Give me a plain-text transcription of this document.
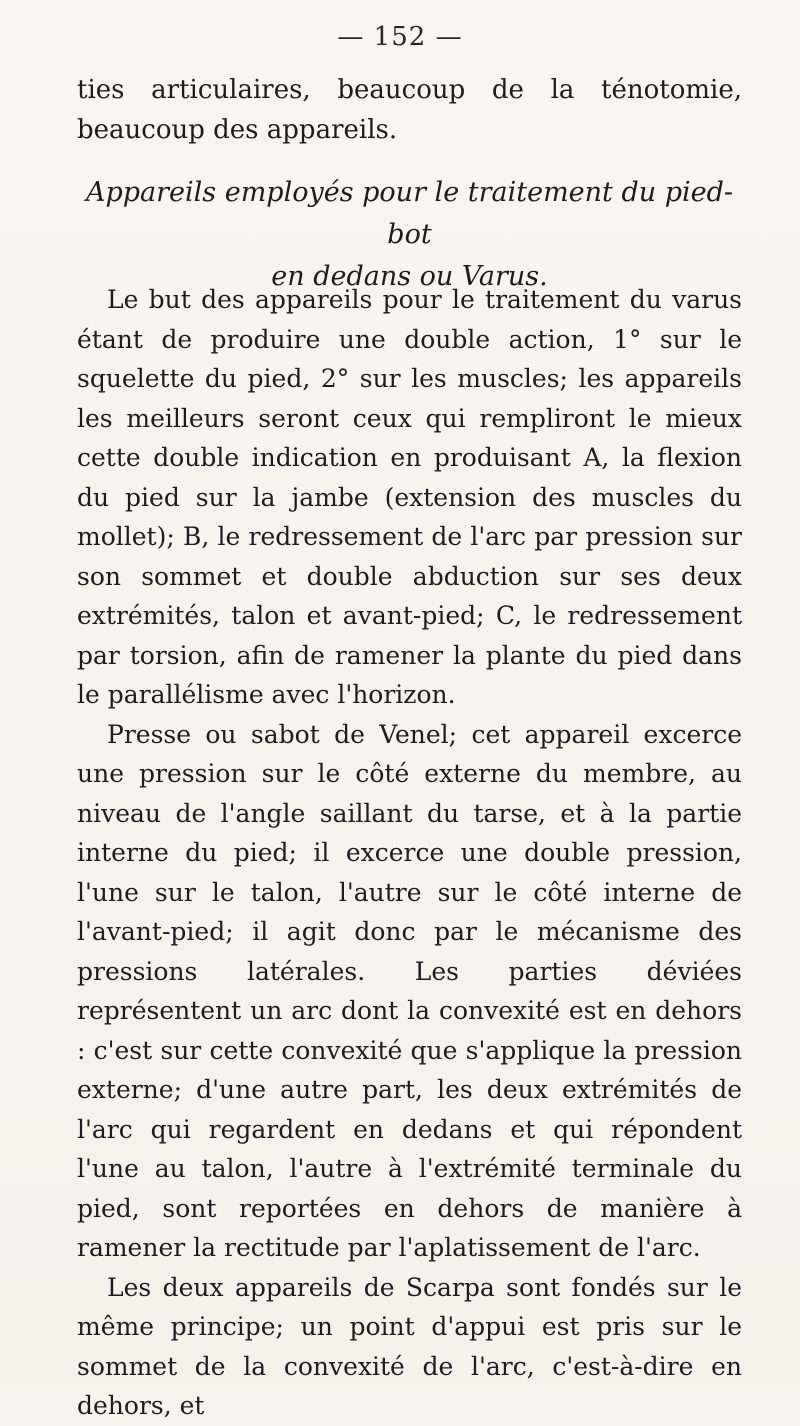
— 152 —
ties articulaires, beaucoup de la ténotomie, beaucoup des appareils.
Appareils employés pour le traitement du pied-bot
en dedans ou Varus.

Le but des appareils pour le traitement du varus étant de produire une double action, 1° sur le squelette du pied, 2° sur les muscles; les appareils les meilleurs seront ceux qui rempliront le mieux cette double indication en produisant A, la flexion du pied sur la jambe (extension des muscles du mollet); B, le redressement de l'arc par pression sur son sommet et double abduction sur ses deux extrémités, talon et avant-pied; C, le redressement par torsion, afin de ramener la plante du pied dans le parallélisme avec l'horizon.

Presse ou sabot de Venel; cet appareil excerce une pression sur le côté externe du membre, au niveau de l'angle saillant du tarse, et à la partie interne du pied; il excerce une double pression, l'une sur le talon, l'autre sur le côté interne de l'avant-pied; il agit donc par le mécanisme des pressions latérales. Les parties déviées représentent un arc dont la convexité est en dehors : c'est sur cette convexité que s'applique la pression externe; d'une autre part, les deux extrémités de l'arc qui regardent en dedans et qui répondent l'une au talon, l'autre à l'extrémité terminale du pied, sont reportées en dehors de manière à ramener la rectitude par l'aplatissement de l'arc.

Les deux appareils de Scarpa sont fondés sur le même principe; un point d'appui est pris sur le sommet de la convexité de l'arc, c'est-à-dire en dehors, et
